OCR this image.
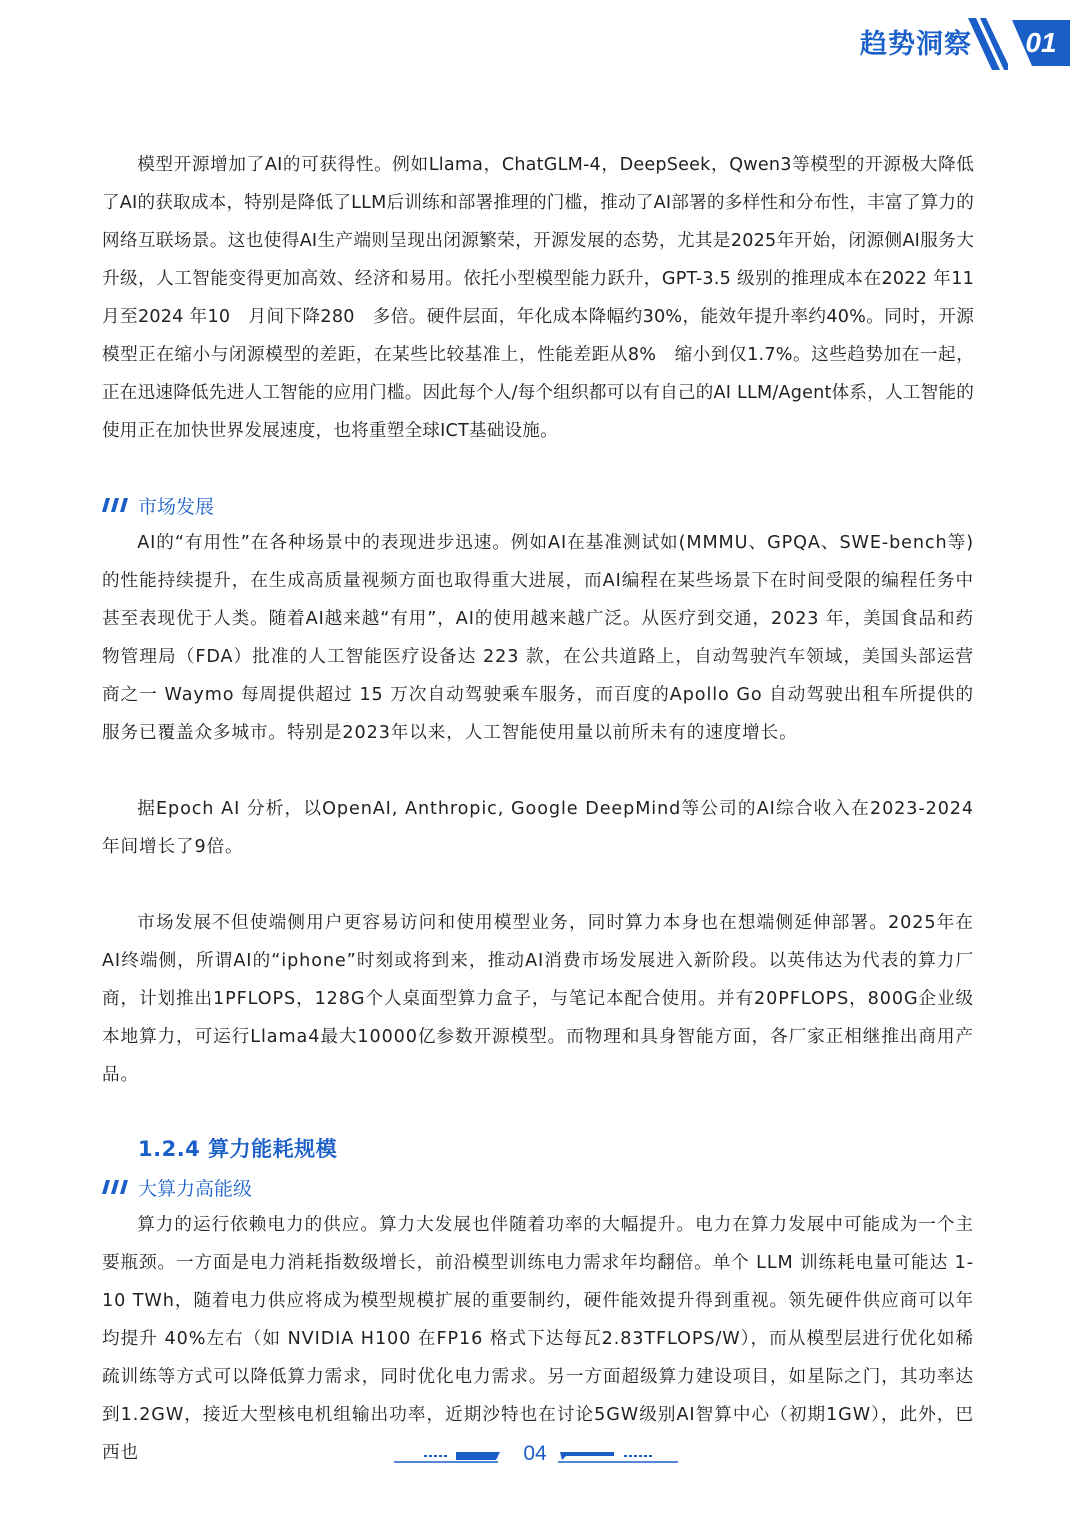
趋势洞察	01

模型开源增加了AI的可获得性。例如Llama，ChatGLM-4，DeepSeek，Qwen3等模型的开源极大降低了AI的获取成本，特别是降低了LLM后训练和部署推理的门槛，推动了AI部署的多样性和分布性，丰富了算力的网络互联场景。这也使得AI生产端则呈现出闭源繁荣，开源发展的态势，尤其是2025年开始，闭源侧AI服务大升级，人工智能变得更加高效、经济和易用。依托小型模型能力跃升，GPT-3.5 级别的推理成本在2022 年11 月至2024 年10　月间下降280　多倍。硬件层面，年化成本降幅约30%，能效年提升率约40%。同时，开源模型正在缩小与闭源模型的差距，在某些比较基准上，性能差距从8%　缩小到仅1.7%。这些趋势加在一起，正在迅速降低先进人工智能的应用门槛。因此每个人/每个组织都可以有自己的AI LLM/Agent体系，人工智能的使用正在加快世界发展速度，也将重塑全球ICT基础设施。

市场发展

AI的“有用性”在各种场景中的表现进步迅速。例如AI在基准测试如(MMMU、GPQA、SWE-bench等)的性能持续提升，在生成高质量视频方面也取得重大进展，而AI编程在某些场景下在时间受限的编程任务中甚至表现优于人类。随着AI越来越“有用”，AI的使用越来越广泛。从医疗到交通，2023 年，美国食品和药物管理局（FDA）批准的人工智能医疗设备达 223 款，在公共道路上，自动驾驶汽车领域，美国头部运营商之一 Waymo 每周提供超过 15 万次自动驾驶乘车服务，而百度的Apollo Go 自动驾驶出租车所提供的服务已覆盖众多城市。特别是2023年以来，人工智能使用量以前所未有的速度增长。

据Epoch AI 分析，以OpenAI, Anthropic, Google DeepMind等公司的AI综合收入在2023-2024年间增长了9倍。

市场发展不但使端侧用户更容易访问和使用模型业务，同时算力本身也在想端侧延伸部署。2025年在AI终端侧，所谓AI的“iphone”时刻或将到来，推动AI消费市场发展进入新阶段。以英伟达为代表的算力厂商，计划推出1PFLOPS，128G个人桌面型算力盒子，与笔记本配合使用。并有20PFLOPS，800G企业级本地算力，可运行Llama4最大10000亿参数开源模型。而物理和具身智能方面，各厂家正相继推出商用产品。

1.2.4 算力能耗规模
大算力高能级

算力的运行依赖电力的供应。算力大发展也伴随着功率的大幅提升。电力在算力发展中可能成为一个主要瓶颈。一方面是电力消耗指数级增长，前沿模型训练电力需求年均翻倍。单个 LLM 训练耗电量可能达 1-10 TWh，随着电力供应将成为模型规模扩展的重要制约，硬件能效提升得到重视。领先硬件供应商可以年均提升 40%左右（如 NVIDIA H100 在FP16 格式下达每瓦2.83TFLOPS/W），而从模型层进行优化如稀疏训练等方式可以降低算力需求，同时优化电力需求。另一方面超级算力建设项目，如星际之门，其功率达到1.2GW，接近大型核电机组输出功率，近期沙特也在讨论5GW级别AI智算中心（初期1GW），此外，巴西也	04
